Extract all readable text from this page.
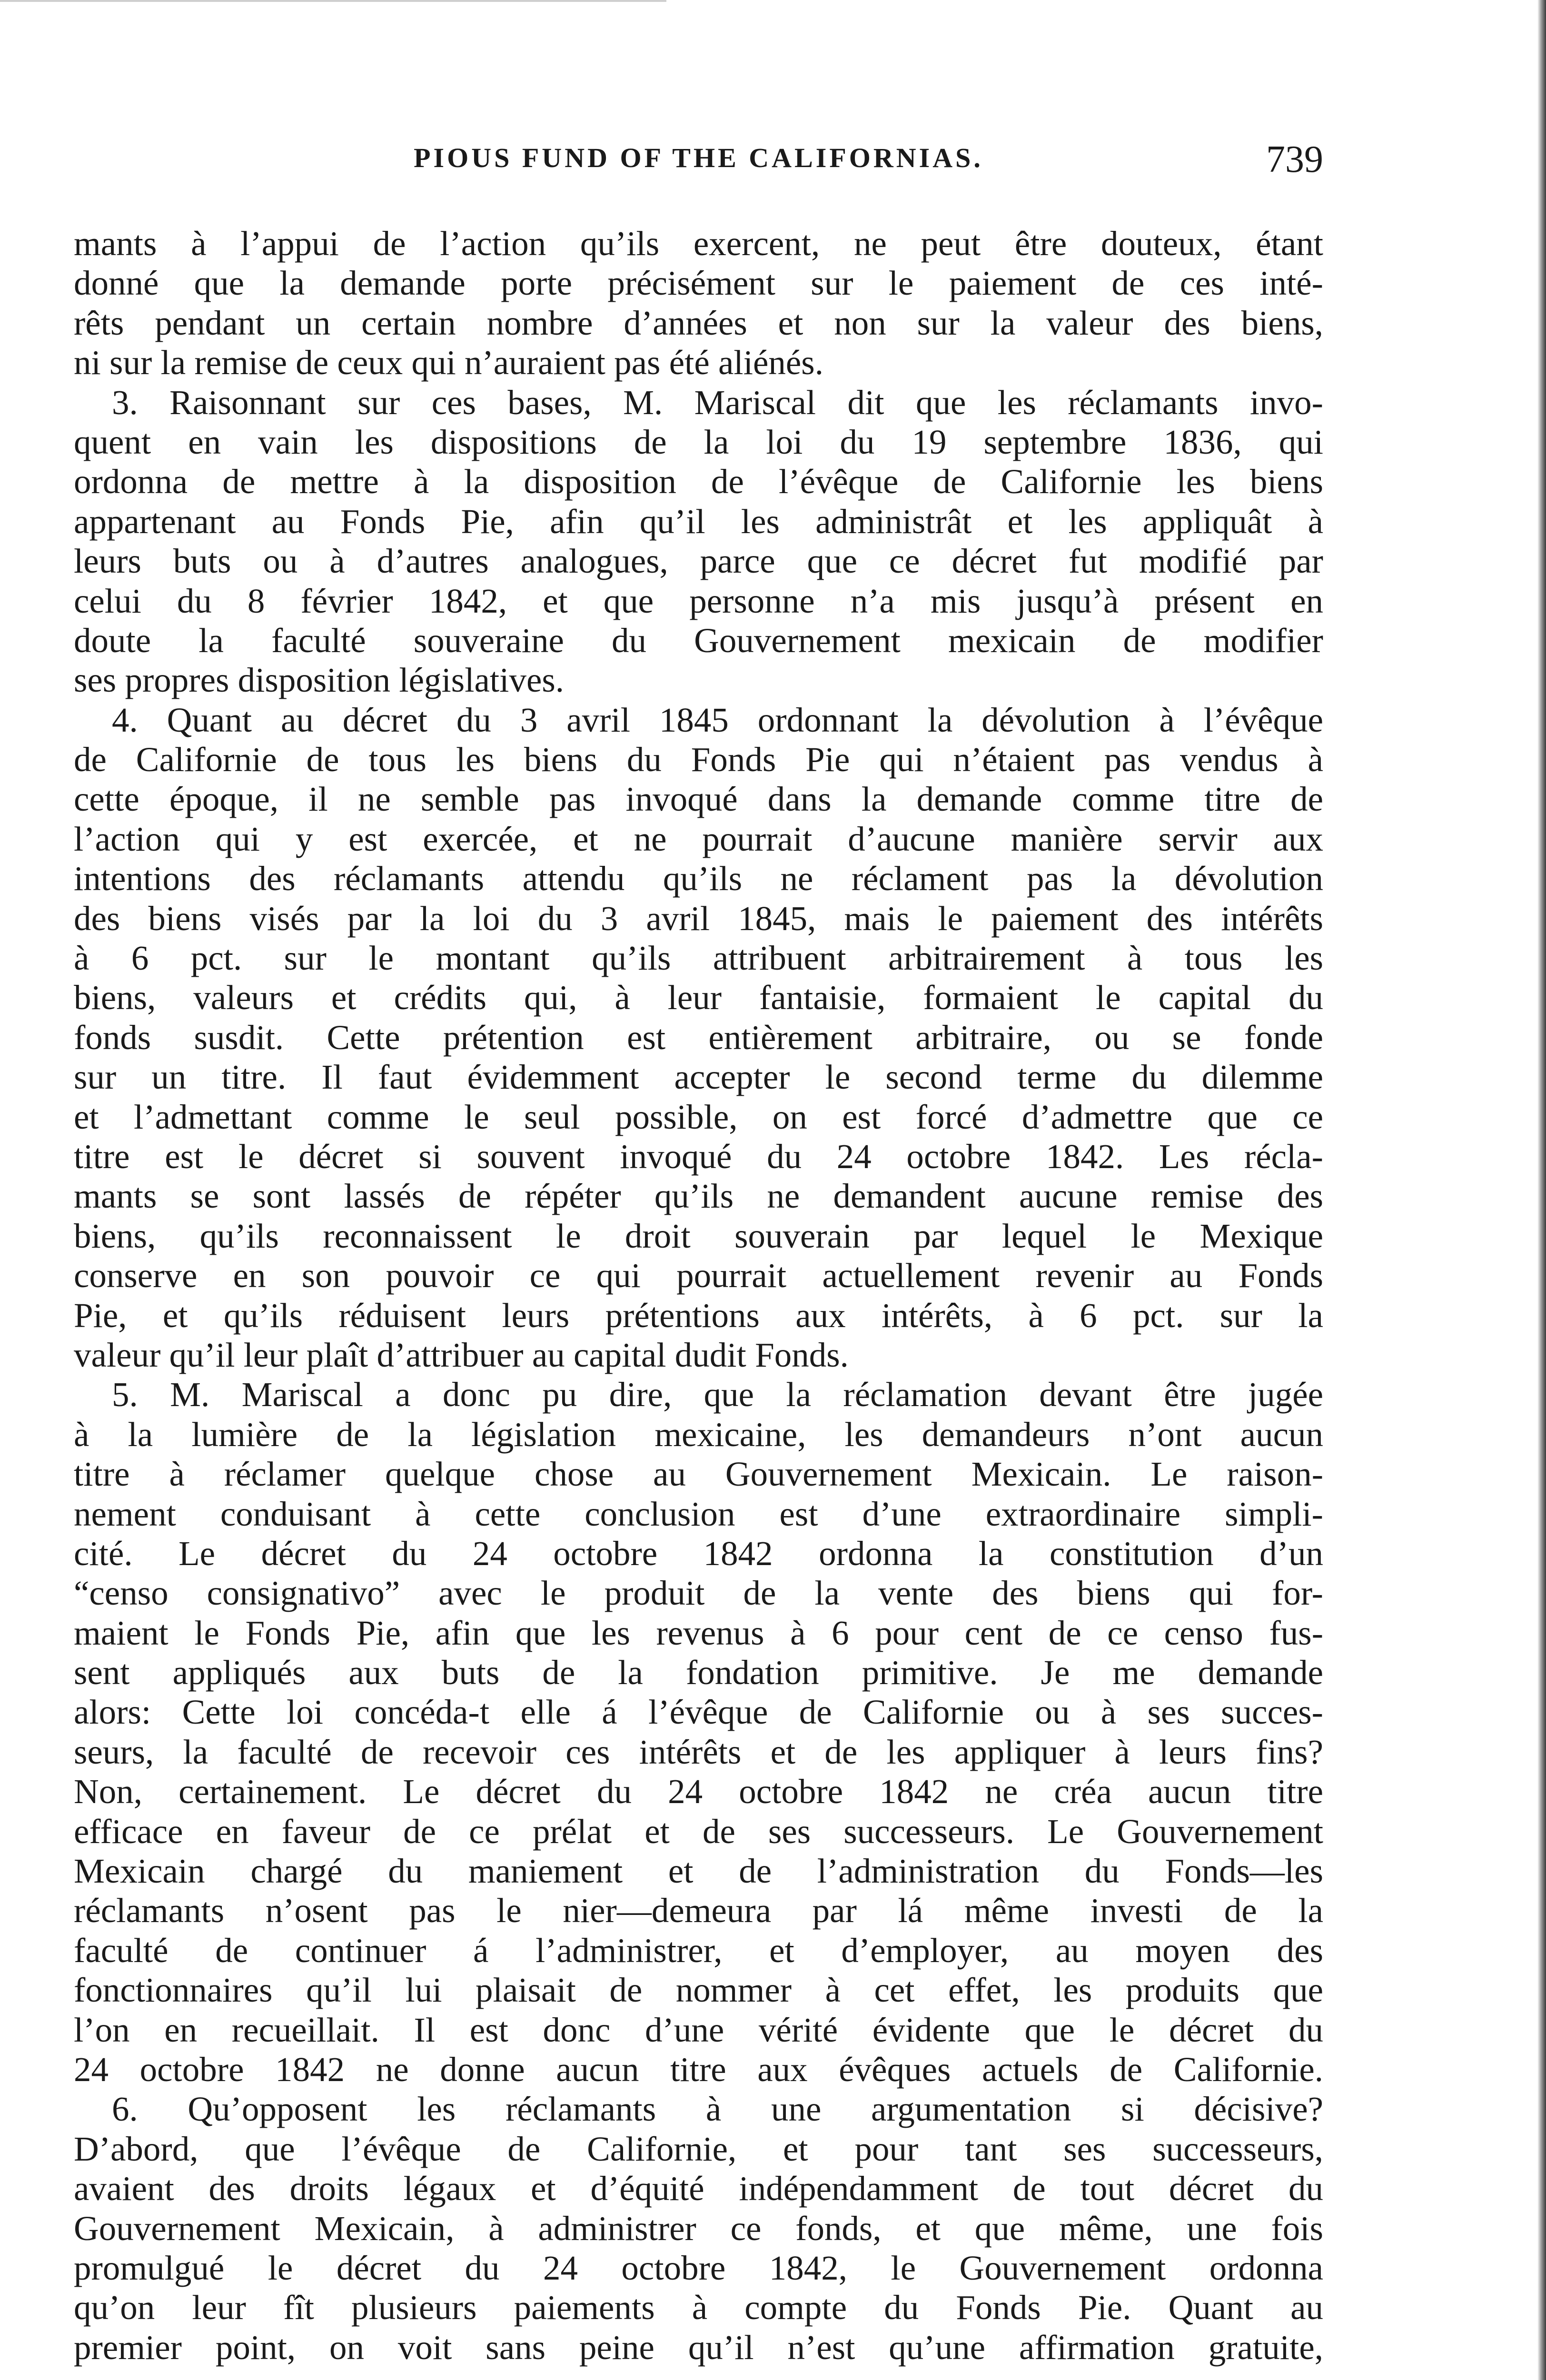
PIOUS FUND OF THE CALIFORNIAS.	739
mants à l’appui de l’action qu’ils exercent, ne peut être douteux, étant
donné que la demande porte précisément sur le paiement de ces inté-
rêts pendant un certain nombre d’années et non sur la valeur des biens,
ni sur la remise de ceux qui n’auraient pas été aliénés.
3. Raisonnant sur ces bases, M. Mariscal dit que les réclamants invo-
quent en vain les dispositions de la loi du 19 septembre 1836, qui
ordonna de mettre à la disposition de l’évêque de Californie les biens
appartenant au Fonds Pie, afin qu’il les administrât et les appliquât à
leurs buts ou à d’autres analogues, parce que ce décret fut modifié par
celui du 8 février 1842, et que personne n’a mis jusqu’à présent en
doute la faculté souveraine du Gouvernement mexicain de modifier
ses propres disposition législatives.
4. Quant au décret du 3 avril 1845 ordonnant la dévolution à l’évêque
de Californie de tous les biens du Fonds Pie qui n’étaient pas vendus à
cette époque, il ne semble pas invoqué dans la demande comme titre de
l’action qui y est exercée, et ne pourrait d’aucune manière servir aux
intentions des réclamants attendu qu’ils ne réclament pas la dévolution
des biens visés par la loi du 3 avril 1845, mais le paiement des intérêts
à 6 pct. sur le montant qu’ils attribuent arbitrairement à tous les
biens, valeurs et crédits qui, à leur fantaisie, formaient le capital du
fonds susdit. Cette prétention est entièrement arbitraire, ou se fonde
sur un titre. Il faut évidemment accepter le second terme du dilemme
et l’admettant comme le seul possible, on est forcé d’admettre que ce
titre est le décret si souvent invoqué du 24 octobre 1842. Les récla-
mants se sont lassés de répéter qu’ils ne demandent aucune remise des
biens, qu’ils reconnaissent le droit souverain par lequel le Mexique
conserve en son pouvoir ce qui pourrait actuellement revenir au Fonds
Pie, et qu’ils réduisent leurs prétentions aux intérêts, à 6 pct. sur la
valeur qu’il leur plaît d’attribuer au capital dudit Fonds.
5. M. Mariscal a donc pu dire, que la réclamation devant être jugée
à la lumière de la législation mexicaine, les demandeurs n’ont aucun
titre à réclamer quelque chose au Gouvernement Mexicain. Le raison-
nement conduisant à cette conclusion est d’une extraordinaire simpli-
cité. Le décret du 24 octobre 1842 ordonna la constitution d’un
“censo consignativo” avec le produit de la vente des biens qui for-
maient le Fonds Pie, afin que les revenus à 6 pour cent de ce censo fus-
sent appliqués aux buts de la fondation primitive. Je me demande
alors: Cette loi concéda-t elle á l’évêque de Californie ou à ses succes-
seurs, la faculté de recevoir ces intérêts et de les appliquer à leurs fins?
Non, certainement. Le décret du 24 octobre 1842 ne créa aucun titre
efficace en faveur de ce prélat et de ses successeurs. Le Gouvernement
Mexicain chargé du maniement et de l’administration du Fonds—les
réclamants n’osent pas le nier—demeura par lá même investi de la
faculté de continuer á l’administrer, et d’employer, au moyen des
fonctionnaires qu’il lui plaisait de nommer à cet effet, les produits que
l’on en recueillait. Il est donc d’une vérité évidente que le décret du
24 octobre 1842 ne donne aucun titre aux évêques actuels de Californie.
6. Qu’opposent les réclamants à une argumentation si décisive?
D’abord, que l’évêque de Californie, et pour tant ses successeurs,
avaient des droits légaux et d’équité indépendamment de tout décret du
Gouvernement Mexicain, à administrer ce fonds, et que même, une fois
promulgué le décret du 24 octobre 1842, le Gouvernement ordonna
qu’on leur fît plusieurs paiements à compte du Fonds Pie. Quant au
premier point, on voit sans peine qu’il n’est qu’une affirmation gratuite,
